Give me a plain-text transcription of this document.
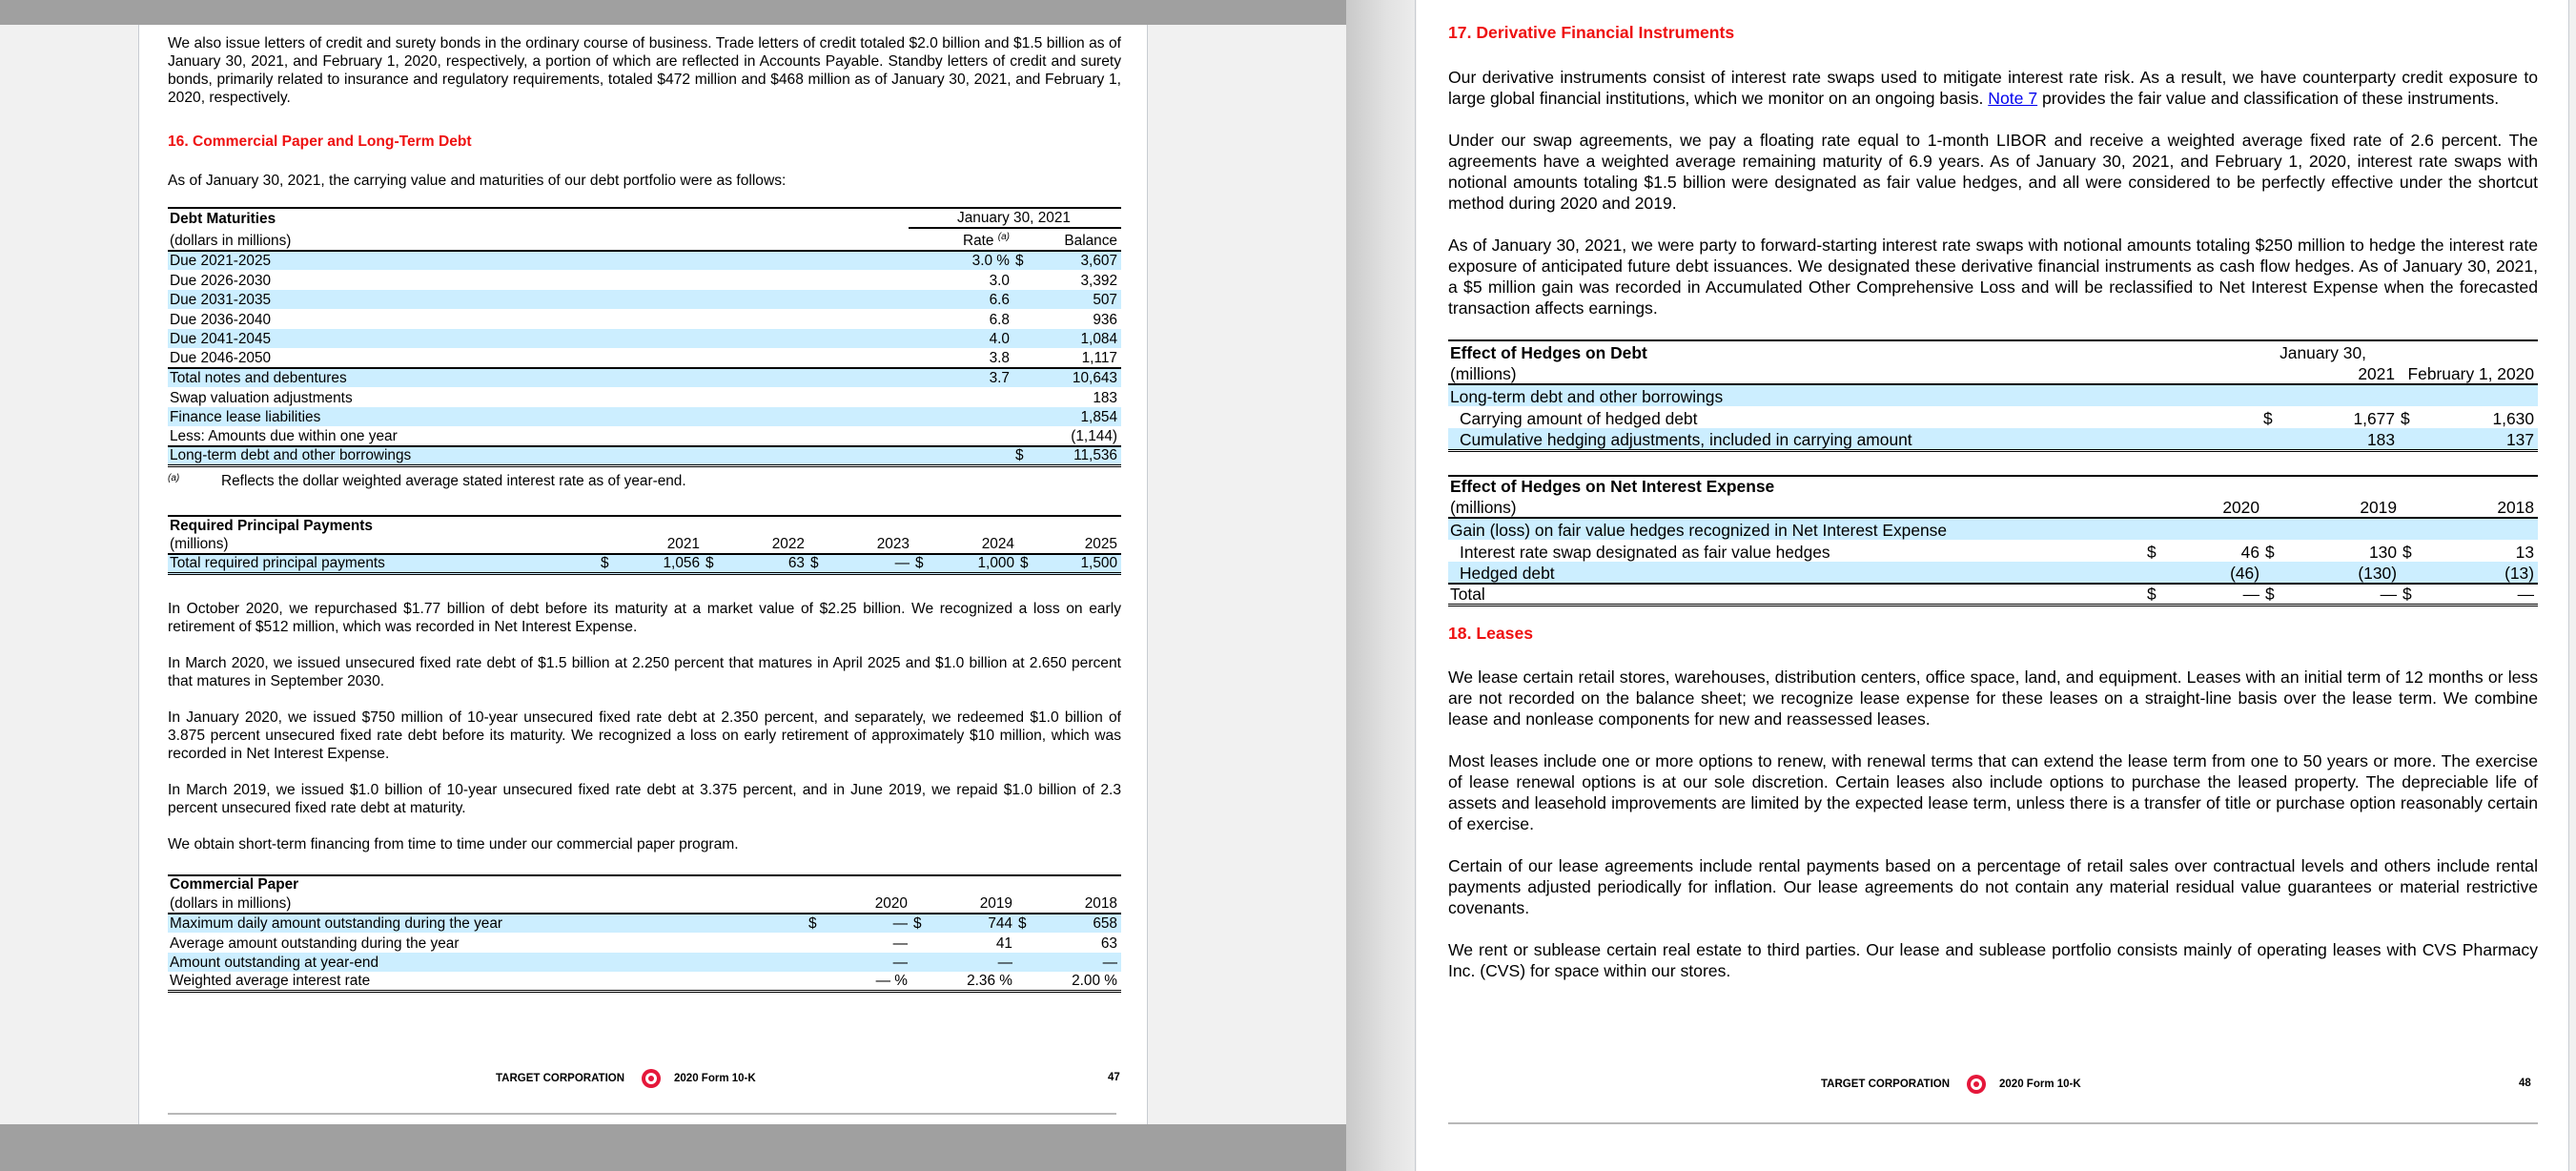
We also issue letters of credit and surety bonds in the ordinary course of business. Trade letters of credit totaled $2.0 billion and $1.5 billion as of January 30, 2021, and February 1, 2020, respectively, a portion of which are reflected in Accounts Payable. Standby letters of credit and surety bonds, primarily related to insurance and regulatory requirements, totaled $472 million and $468 million as of January 30, 2021, and February 1, 2020, respectively.

16. Commercial Paper and Long-Term Debt

As of January 30, 2021, the carrying value and maturities of our debt portfolio were as follows:

Debt Maturities	January 30, 2021		
(dollars in millions)	Rate $^{(a)}$		Balance
Due 2021-2025	3.0 %	$	3,607
Due 2026-2030	3.0		3,392
Due 2031-2035	6.6		507
Due 2036-2040	6.8		936
Due 2041-2045	4.0		1,084
Due 2046-2050	3.8		1,117
Total notes and debentures	3.7		10,643
Swap valuation adjustments			183
Finance lease liabilities			1,854
Less: Amounts due within one year			(1,144)
Long-term debt and other borrowings		$	11,536
(a)	Reflects the dollar weighted average stated interest rate as of year-end.
Required Principal Payments										
(millions)		2021		2022		2023		2024		2025
Total required principal payments	$	1,056	$	63	$	—	$	1,000	$	1,500

In October 2020, we repurchased $1.77 billion of debt before its maturity at a market value of $2.25 billion. We recognized a loss on early retirement of $512 million, which was recorded in Net Interest Expense.

In March 2020, we issued unsecured fixed rate debt of $1.5 billion at 2.250 percent that matures in April 2025 and $1.0 billion at 2.650 percent that matures in September 2030.

In January 2020, we issued $750 million of 10-year unsecured fixed rate debt at 2.350 percent, and separately, we redeemed $1.0 billion of 3.875 percent unsecured fixed rate debt before its maturity. We recognized a loss on early retirement of approximately $10 million, which was recorded in Net Interest Expense.

In March 2019, we issued $1.0 billion of 10-year unsecured fixed rate debt at 3.375 percent, and in June 2019, we repaid $1.0 billion of 2.3 percent unsecured fixed rate debt at maturity.

We obtain short-term financing from time to time under our commercial paper program.

Commercial Paper						
(dollars in millions)		2020		2019		2018
Maximum daily amount outstanding during the year	$	—	$	744	$	658
Average amount outstanding during the year		—		41		63
Amount outstanding at year-end		—		—		—
Weighted average interest rate		— %		2.36 %		2.00 %
TARGET CORPORATION	2020 Form 10-K	47
17. Derivative Financial Instruments

Our derivative instruments consist of interest rate swaps used to mitigate interest rate risk. As a result, we have counterparty credit exposure to large global financial institutions, which we monitor on an ongoing basis. Note 7 provides the fair value and classification of these instruments.

Under our swap agreements, we pay a floating rate equal to 1-month LIBOR and receive a weighted average fixed rate of 2.6 percent. The agreements have a weighted average remaining maturity of 6.9 years. As of January 30, 2021, and February 1, 2020, interest rate swaps with notional amounts totaling $1.5 billion were designated as fair value hedges, and all were considered to be perfectly effective under the shortcut method during 2020 and 2019.

As of January 30, 2021, we were party to forward-starting interest rate swaps with notional amounts totaling $250 million to hedge the interest rate exposure of anticipated future debt issuances. We designated these derivative financial instruments as cash flow hedges. As of January 30, 2021, a $5 million gain was recorded in Accumulated Other Comprehensive Loss and will be reclassified to Net Interest Expense when the forecasted transaction affects earnings.

Effect of Hedges on Debt	January 30,			
(millions)		2021	February 1, 2020	
Long-term debt and other borrowings				
Carrying amount of hedged debt	$	1,677	$	1,630
Cumulative hedging adjustments, included in carrying amount		183		137
Effect of Hedges on Net Interest Expense						
(millions)		2020		2019		2018
Gain (loss) on fair value hedges recognized in Net Interest Expense						
Interest rate swap designated as fair value hedges	$	46	$	130	$	13
Hedged debt		(46)		(130)		(13)
Total	$	—	$	—	$	—
18. Leases

We lease certain retail stores, warehouses, distribution centers, office space, land, and equipment. Leases with an initial term of 12 months or less are not recorded on the balance sheet; we recognize lease expense for these leases on a straight-line basis over the lease term. We combine lease and nonlease components for new and reassessed leases.

Most leases include one or more options to renew, with renewal terms that can extend the lease term from one to 50 years or more. The exercise of lease renewal options is at our sole discretion. Certain leases also include options to purchase the leased property. The depreciable life of assets and leasehold improvements are limited by the expected lease term, unless there is a transfer of title or purchase option reasonably certain of exercise.

Certain of our lease agreements include rental payments based on a percentage of retail sales over contractual levels and others include rental payments adjusted periodically for inflation. Our lease agreements do not contain any material residual value guarantees or material restrictive covenants.

We rent or sublease certain real estate to third parties. Our lease and sublease portfolio consists mainly of operating leases with CVS Pharmacy Inc. (CVS) for space within our stores.

TARGET CORPORATION	2020 Form 10-K	48
